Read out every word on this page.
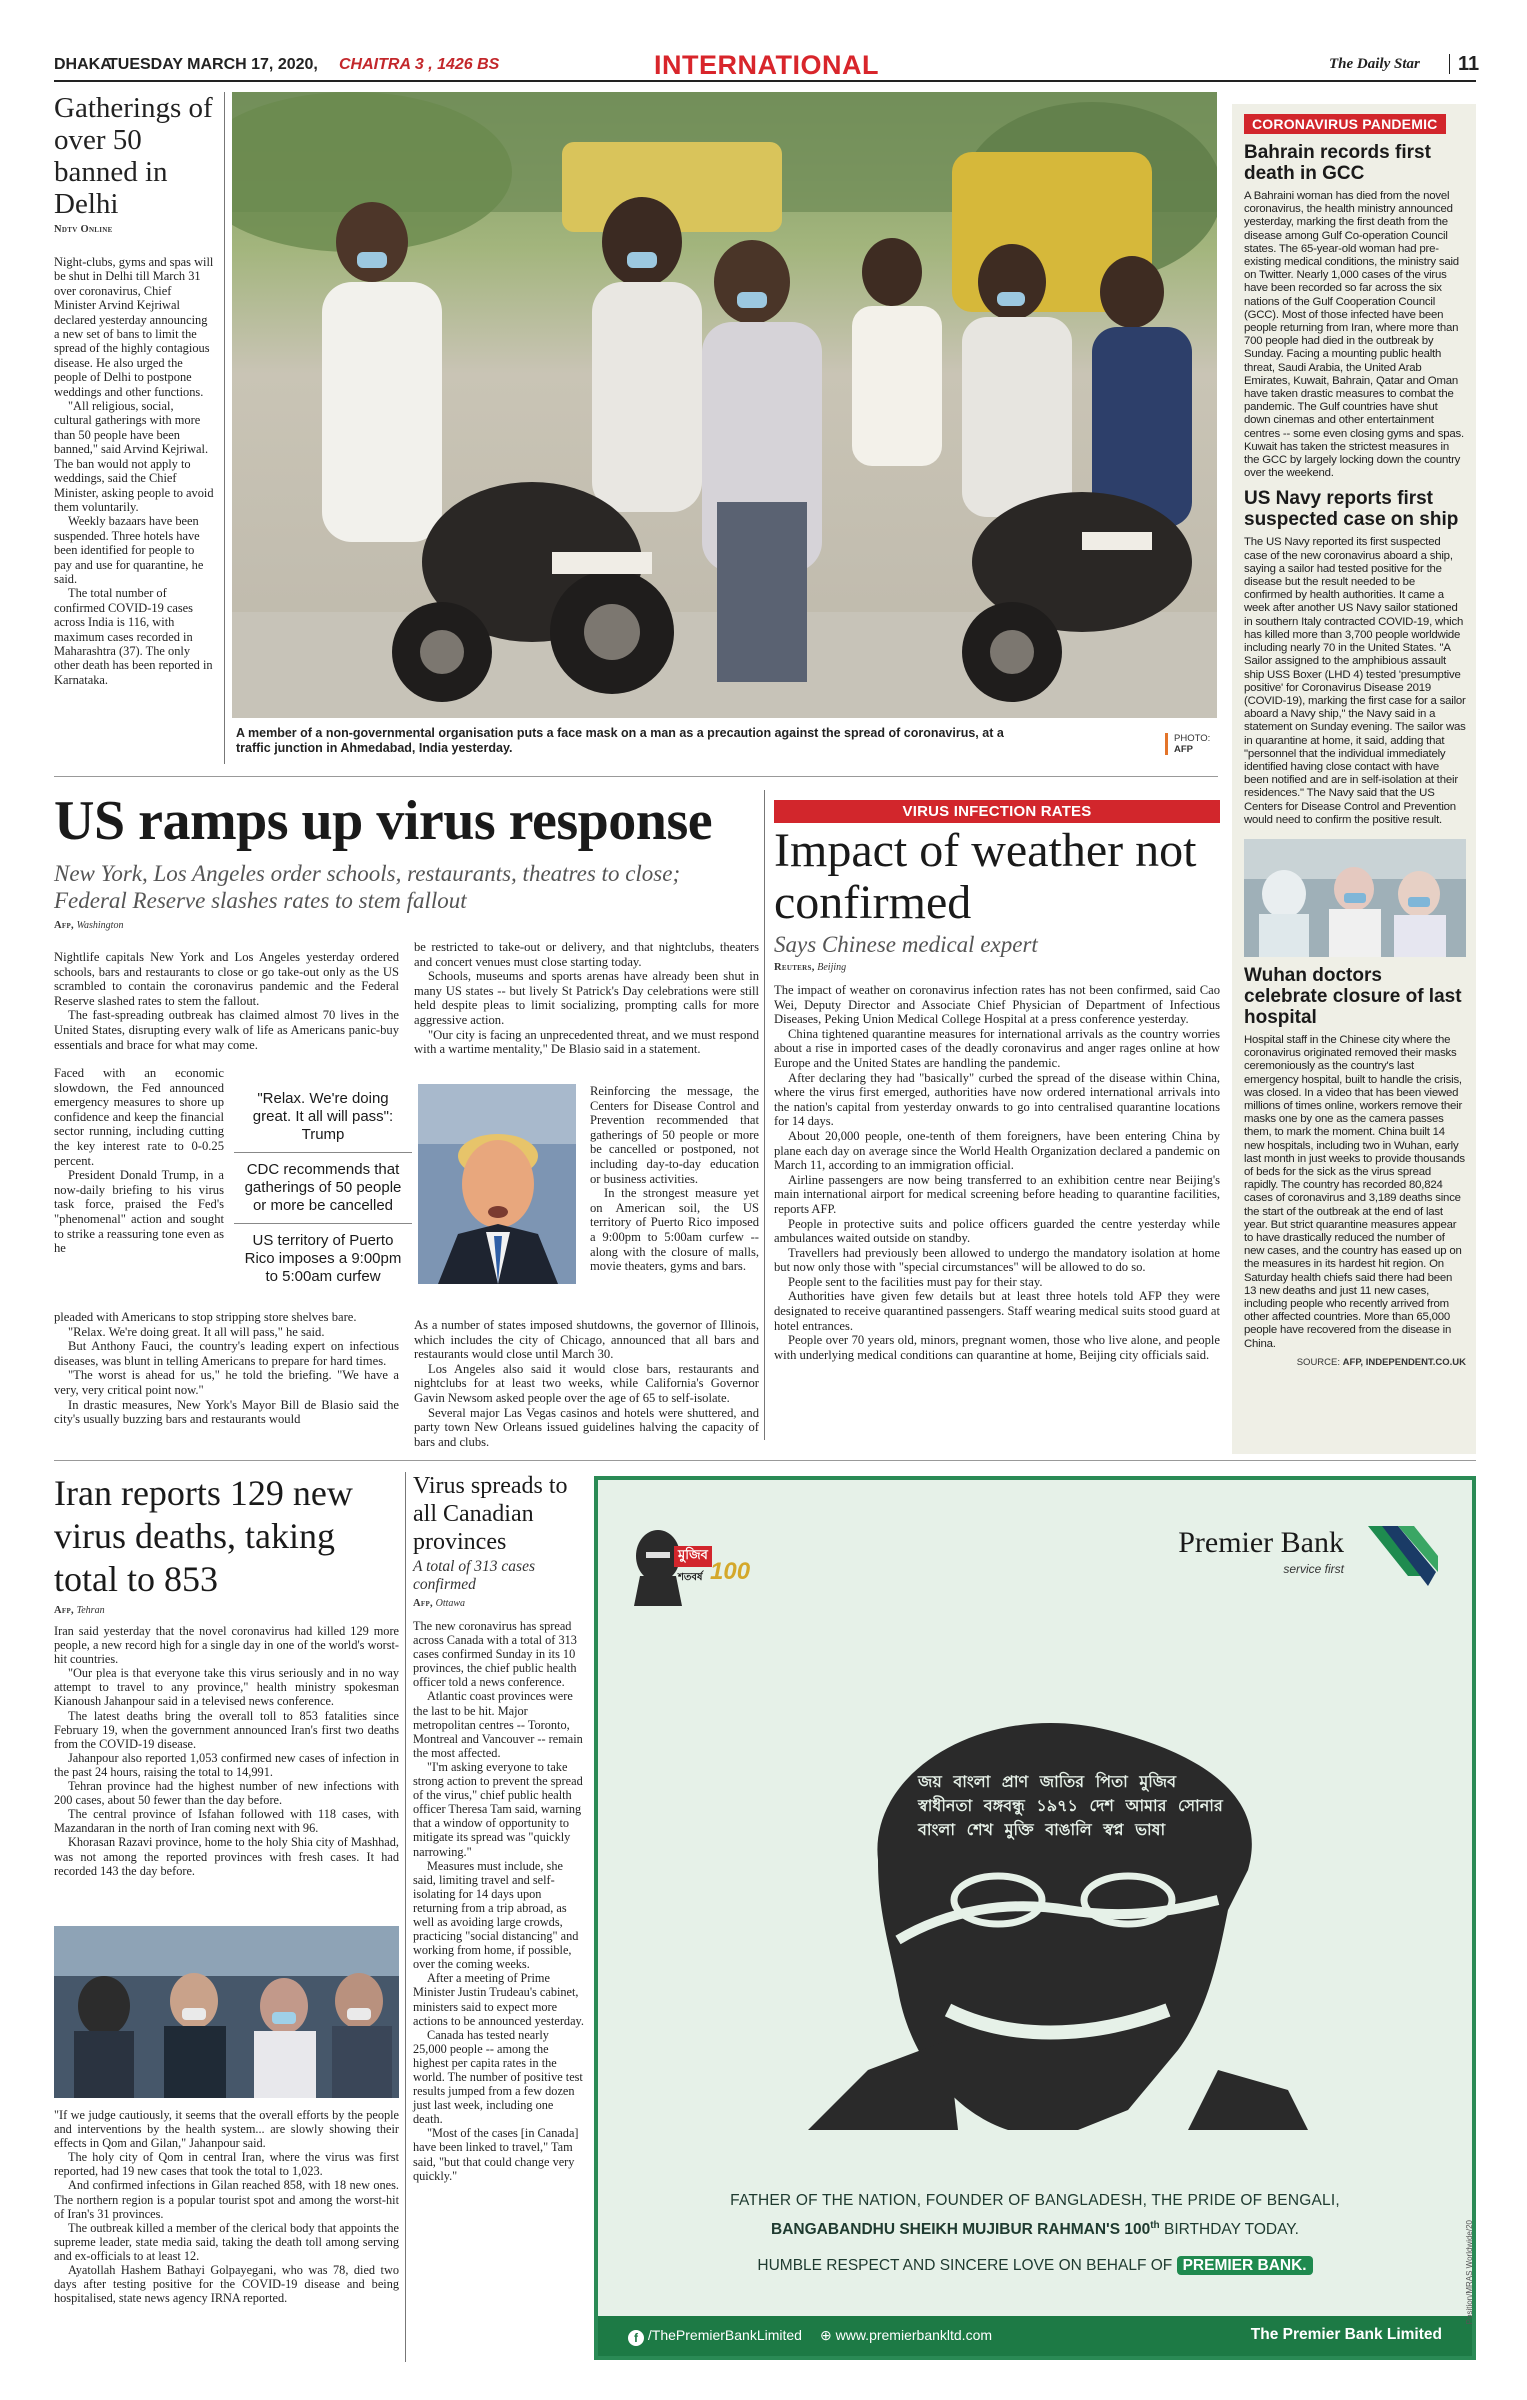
DHAKA
TUESDAY MARCH 17, 2020, CHAITRA 3 , 1426 BS	INTERNATIONAL	The Daily Star 11
Gatherings of over 50 banned in Delhi
Ndtv Online

Night-clubs, gyms and spas will be shut in Delhi till March 31 over coronavirus, Chief Minister Arvind Kejriwal declared yesterday announcing a new set of bans to limit the spread of the highly contagious disease. He also urged the people of Delhi to postpone weddings and other functions.

"All religious, social, cultural gatherings with more than 50 people have been banned," said Arvind Kejriwal. The ban would not apply to weddings, said the Chief Minister, asking people to avoid them voluntarily.

Weekly bazaars have been suspended. Three hotels have been identified for people to pay and use for quarantine, he said.

The total number of confirmed COVID-19 cases across India is 116, with maximum cases recorded in Maharashtra (37). The only other death has been reported in Karnataka.

A member of a non-governmental organisation puts a face mask on a man as a precaution against the spread of coronavirus, at a traffic junction in Ahmedabad, India yesterday.
PHOTO:
AFP
CORONAVIRUS PANDEMIC
Bahrain records first death in GCC
A Bahraini woman has died from the novel coronavirus, the health ministry announced yesterday, marking the first death from the disease among Gulf Co-operation Council states. The 65-year-old woman had pre-existing medical conditions, the ministry said on Twitter. Nearly 1,000 cases of the virus have been recorded so far across the six nations of the Gulf Cooperation Council (GCC). Most of those infected have been people returning from Iran, where more than 700 people had died in the outbreak by Sunday. Facing a mounting public health threat, Saudi Arabia, the United Arab Emirates, Kuwait, Bahrain, Qatar and Oman have taken drastic measures to combat the pandemic. The Gulf countries have shut down cinemas and other entertainment centres -- some even closing gyms and spas. Kuwait has taken the strictest measures in the GCC by largely locking down the country over the weekend.
US Navy reports first suspected case on ship
The US Navy reported its first suspected case of the new coronavirus aboard a ship, saying a sailor had tested positive for the disease but the result needed to be confirmed by health authorities. It came a week after another US Navy sailor stationed in southern Italy contracted COVID-19, which has killed more than 3,700 people worldwide including nearly 70 in the United States. "A Sailor assigned to the amphibious assault ship USS Boxer (LHD 4) tested 'presumptive positive' for Coronavirus Disease 2019 (COVID-19), marking the first case for a sailor aboard a Navy ship," the Navy said in a statement on Sunday evening. The sailor was in quarantine at home, it said, adding that "personnel that the individual immediately identified having close contact with have been notified and are in self-isolation at their residences." The Navy said that the US Centers for Disease Control and Prevention would need to confirm the positive result.
Wuhan doctors celebrate closure of last hospital
Hospital staff in the Chinese city where the coronavirus originated removed their masks ceremoniously as the country's last emergency hospital, built to handle the crisis, was closed. In a video that has been viewed millions of times online, workers remove their masks one by one as the camera passes them, to mark the moment. China built 14 new hospitals, including two in Wuhan, early last month in just weeks to provide thousands of beds for the sick as the virus spread rapidly. The country has recorded 80,824 cases of coronavirus and 3,189 deaths since the start of the outbreak at the end of last year. But strict quarantine measures appear to have drastically reduced the number of new cases, and the country has eased up on the measures in its hardest hit region. On Saturday health chiefs said there had been 13 new deaths and just 11 new cases, including people who recently arrived from other affected countries. More than 65,000 people have recovered from the disease in China.
SOURCE: AFP, INDEPENDENT.CO.UK
US ramps up virus response
New York, Los Angeles order schools, restaurants, theatres to close; Federal Reserve slashes rates to stem fallout
Afp, Washington

Nightlife capitals New York and Los Angeles yesterday ordered schools, bars and restaurants to close or go take-out only as the US scrambled to contain the coronavirus pandemic and the Federal Reserve slashed rates to stem the fallout.

The fast-spreading outbreak has claimed almost 70 lives in the United States, disrupting every walk of life as Americans panic-buy essentials and brace for what may come.

Faced with an economic slowdown, the Fed announced emergency measures to shore up confidence and keep the financial sector running, including cutting the key interest rate to 0-0.25 percent.

President Donald Trump, in a now-daily briefing to his virus task force, praised the Fed's "phenomenal" action and sought to strike a reassuring tone even as he

pleaded with Americans to stop stripping store shelves bare.

"Relax. We're doing great. It all will pass," he said.

But Anthony Fauci, the country's leading expert on infectious diseases, was blunt in telling Americans to prepare for hard times.

"The worst is ahead for us," he told the briefing. "We have a very, very critical point now."

In drastic measures, New York's Mayor Bill de Blasio said the city's usually buzzing bars and restaurants would

"Relax. We're doing great. It all will pass": Trump
CDC recommends that gatherings of 50 people or more be cancelled
US territory of Puerto Rico imposes a 9:00pm to 5:00am curfew

be restricted to take-out or delivery, and that nightclubs, theaters and concert venues must close starting today.

Schools, museums and sports arenas have already been shut in many US states -- but lively St Patrick's Day celebrations were still held despite pleas to limit socializing, prompting calls for more aggressive action.

"Our city is facing an unprecedented threat, and we must respond with a wartime mentality," De Blasio said in a statement.

Reinforcing the message, the Centers for Disease Control and Prevention recommended that gatherings of 50 people or more be cancelled or postponed, not including day-to-day education or business activities.

In the strongest measure yet on American soil, the US territory of Puerto Rico imposed a 9:00pm to 5:00am curfew -- along with the closure of malls, movie theaters, gyms and bars.

As a number of states imposed shutdowns, the governor of Illinois, which includes the city of Chicago, announced that all bars and restaurants would close until March 30.

Los Angeles also said it would close bars, restaurants and nightclubs for at least two weeks, while California's Governor Gavin Newsom asked people over the age of 65 to self-isolate.

Several major Las Vegas casinos and hotels were shuttered, and party town New Orleans issued guidelines halving the capacity of bars and clubs.

VIRUS INFECTION RATES
Impact of weather not confirmed
Says Chinese medical expert
Reuters, Beijing

The impact of weather on coronavirus infection rates has not been confirmed, said Cao Wei, Deputy Director and Associate Chief Physician of Department of Infectious Diseases, Peking Union Medical College Hospital at a press conference yesterday.

China tightened quarantine measures for international arrivals as the country worries about a rise in imported cases of the deadly coronavirus and anger rages online at how Europe and the United States are handling the pandemic.

After declaring they had "basically" curbed the spread of the disease within China, where the virus first emerged, authorities have now ordered international arrivals into the nation's capital from yesterday onwards to go into centralised quarantine locations for 14 days.

About 20,000 people, one-tenth of them foreigners, have been entering China by plane each day on average since the World Health Organization declared a pandemic on March 11, according to an immigration official.

Airline passengers are now being transferred to an exhibition centre near Beijing's main international airport for medical screening before heading to quarantine facilities, reports AFP.

People in protective suits and police officers guarded the centre yesterday while ambulances waited outside on standby.

Travellers had previously been allowed to undergo the mandatory isolation at home but now only those with "special circumstances" will be allowed to do so.

People sent to the facilities must pay for their stay.

Authorities have given few details but at least three hotels told AFP they were designated to receive quarantined passengers. Staff wearing medical suits stood guard at hotel entrances.

People over 70 years old, minors, pregnant women, those who live alone, and people with underlying medical conditions can quarantine at home, Beijing city officials said.

Iran reports 129 new virus deaths, taking total to 853
Afp, Tehran

Iran said yesterday that the novel coronavirus had killed 129 more people, a new record high for a single day in one of the world's worst-hit countries.

"Our plea is that everyone take this virus seriously and in no way attempt to travel to any province," health ministry spokesman Kianoush Jahanpour said in a televised news conference.

The latest deaths bring the overall toll to 853 fatalities since February 19, when the government announced Iran's first two deaths from the COVID-19 disease.

Jahanpour also reported 1,053 confirmed new cases of infection in the past 24 hours, raising the total to 14,991.

Tehran province had the highest number of new infections with 200 cases, about 50 fewer than the day before.

The central province of Isfahan followed with 118 cases, with Mazandaran in the north of Iran coming next with 96.

Khorasan Razavi province, home to the holy Shia city of Mashhad, was not among the reported provinces with fresh cases. It had recorded 143 the day before.

"If we judge cautiously, it seems that the overall efforts by the people and interventions by the health system... are slowly showing their effects in Qom and Gilan," Jahanpour said.

The holy city of Qom in central Iran, where the virus was first reported, had 19 new cases that took the total to 1,023.

And confirmed infections in Gilan reached 858, with 18 new ones. The northern region is a popular tourist spot and among the worst-hit of Iran's 31 provinces.

The outbreak killed a member of the clerical body that appoints the supreme leader, state media said, taking the death toll among serving and ex-officials to at least 12.

Ayatollah Hashem Bathayi Golpayegani, who was 78, died two days after testing positive for the COVID-19 disease and being hospitalised, state news agency IRNA reported.

Virus spreads to all Canadian provinces
A total of 313 cases confirmed
Afp, Ottawa

The new coronavirus has spread across Canada with a total of 313 cases confirmed Sunday in its 10 provinces, the chief public health officer told a news conference.

Atlantic coast provinces were the last to be hit. Major metropolitan centres -- Toronto, Montreal and Vancouver -- remain the most affected.

"I'm asking everyone to take strong action to prevent the spread of the virus," chief public health officer Theresa Tam said, warning that a window of opportunity to mitigate its spread was "quickly narrowing."

Measures must include, she said, limiting travel and self-isolating for 14 days upon returning from a trip abroad, as well as avoiding large crowds, practicing "social distancing" and working from home, if possible, over the coming weeks.

After a meeting of Prime Minister Justin Trudeau's cabinet, ministers said to expect more actions to be announced yesterday.

Canada has tested nearly 25,000 people -- among the highest per capita rates in the world. The number of positive test results jumped from a few dozen just last week, including one death.

"Most of the cases [in Canada] have been linked to travel," Tam said, "but that could change very quickly."

মুজিব
শতবর্ষ 100
Premier Bank
service first
জয় বাংলা প্রাণ জাতির পিতা মুজিব স্বাধীনতা বঙ্গবন্ধু ১৯৭১ দেশ আমার সোনার বাংলা শেখ মুক্তি বাঙালি স্বপ্ন ভাষা
FATHER OF THE NATION, FOUNDER OF BANGLADESH, THE PRIDE OF BENGALI,
BANGABANDHU SHEIKH MUJIBUR RAHMAN'S 100th BIRTHDAY TODAY.
HUMBLE RESPECT AND SINCERE LOVE ON BEHALF OF PREMIER BANK.
f /ThePremierBankLimited ⊕ www.premierbankltd.com	The Premier Bank Limited
Position/MRAS Worldwide/20
